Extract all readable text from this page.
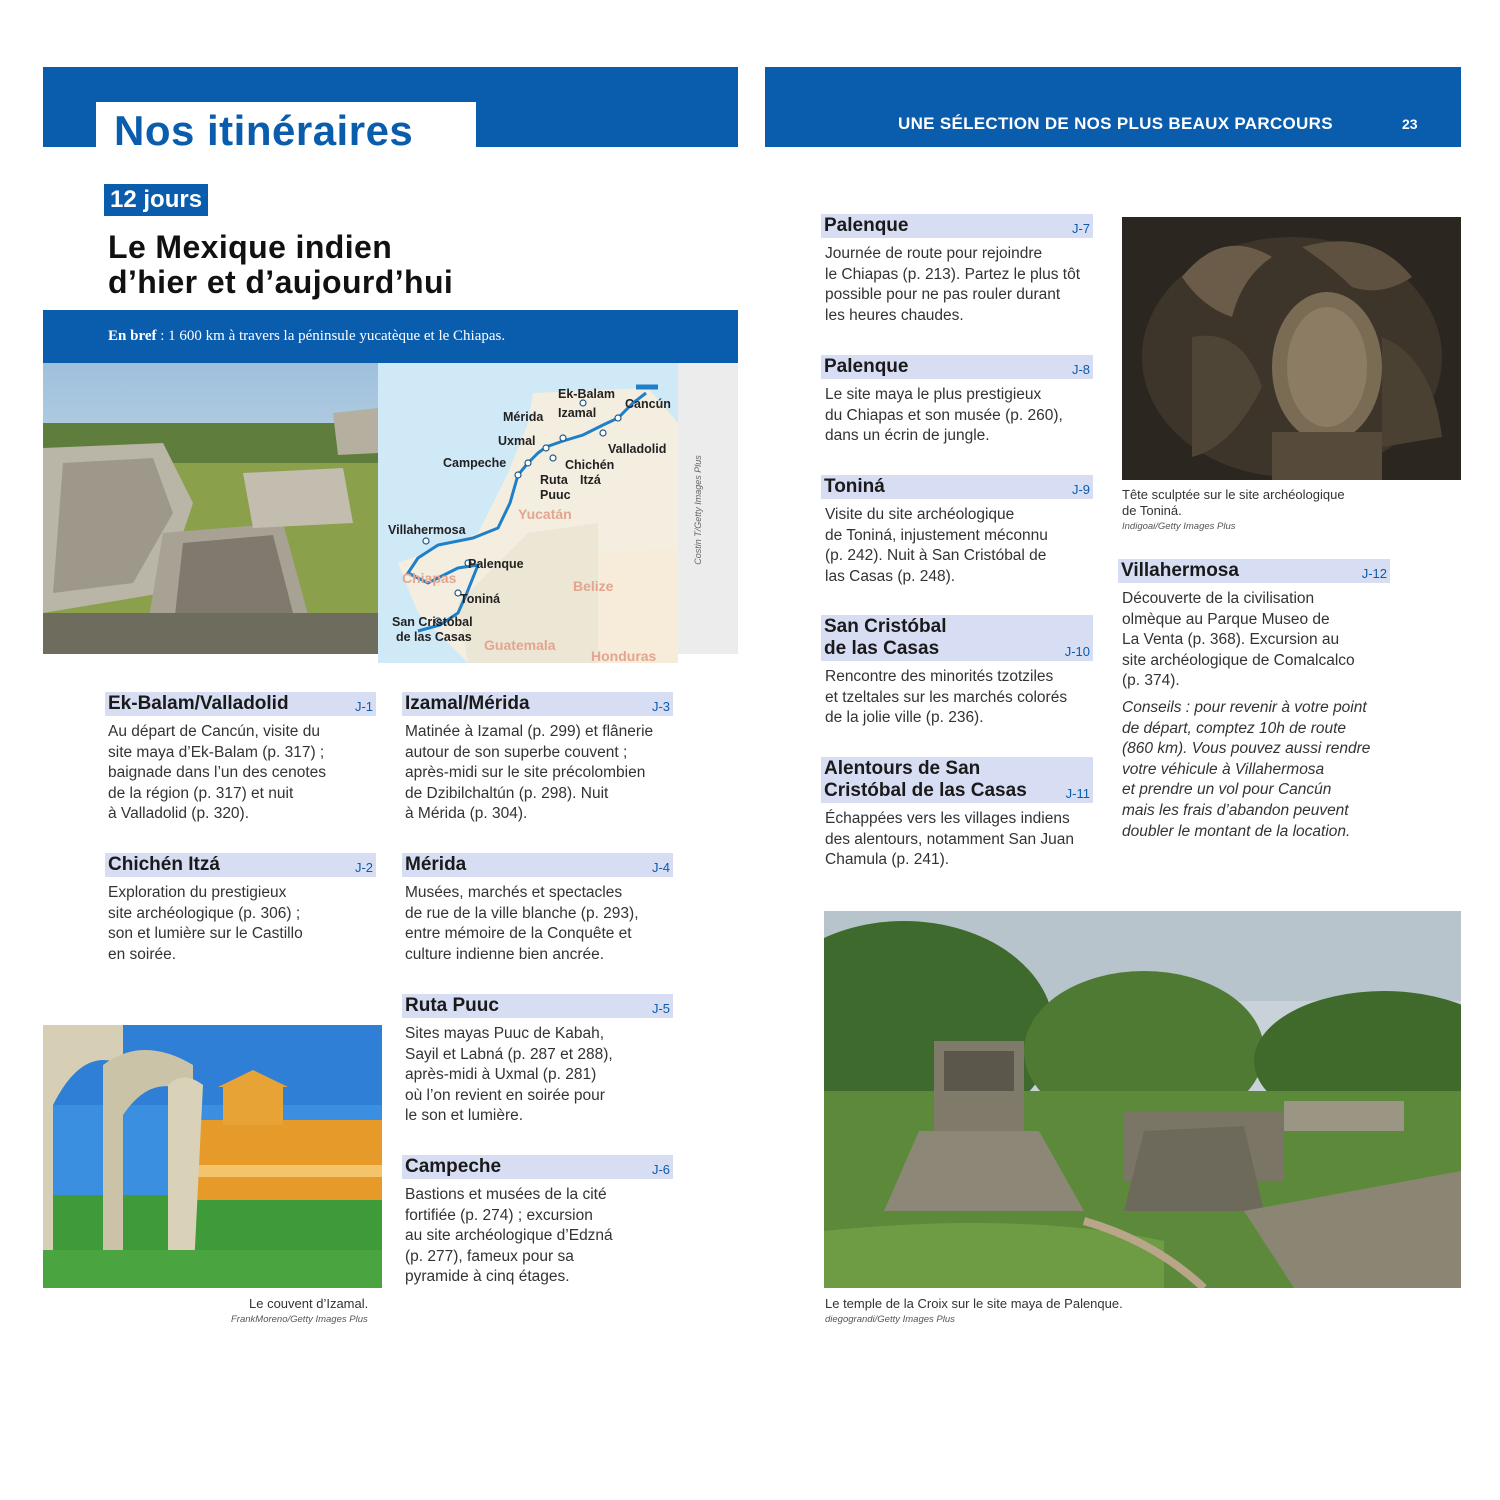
Nos itinéraires	UNE SÉLECTION DE NOS PLUS BEAUX PARCOURS	23
12 jours
Le Mexique indien
d’hier et d’aujourd’hui
En bref : 1 600 km à travers la péninsule yucatèque et le Chiapas.
Ek-Balam
Cancún
Mérida Izamal
Uxmal
Valladolid
Campeche	Chichén
Itzá
Ruta
Puuc
Villahermosa
Palenque
Toniná
San Cristóbal
de las Casas
Yucatán
Chiapas	Belize
Guatemala
Honduras
Costin T/Getty Images Plus	Tête sculptée sur le site archéologique
de Toniná.
Indigoai/Getty Images Plus
Le couvent d’Izamal.
FrankMoreno/Getty Images Plus
Le temple de la Croix sur le site maya de Palenque.
diegograndi/Getty Images Plus
Ek-Balam/Valladolid	J-1
Au départ de Cancún, visite du
site maya d’Ek-Balam (p. 317) ;
baignade dans l’un des cenotes
de la région (p. 317) et nuit
à Valladolid (p. 320).
Chichén Itzá	J-2
Exploration du prestigieux
site archéologique (p. 306) ;
son et lumière sur le Castillo
en soirée.
Izamal/Mérida	J-3
Matinée à Izamal (p. 299) et flânerie
autour de son superbe couvent ;
après-midi sur le site précolombien
de Dzibilchaltún (p. 298). Nuit
à Mérida (p. 304).
Mérida	J-4
Musées, marchés et spectacles
de rue de la ville blanche (p. 293),
entre mémoire de la Conquête et
culture indienne bien ancrée.
Ruta Puuc	J-5
Sites mayas Puuc de Kabah,
Sayil et Labná (p. 287 et 288),
après-midi à Uxmal (p. 281)
où l’on revient en soirée pour
le son et lumière.
Campeche	J-6
Bastions et musées de la cité
fortifiée (p. 274) ; excursion
au site archéologique d’Edzná
(p. 277), fameux pour sa
pyramide à cinq étages.
Palenque	J-7
Journée de route pour rejoindre
le Chiapas (p. 213). Partez le plus tôt
possible pour ne pas rouler durant
les heures chaudes.
Palenque	J-8
Le site maya le plus prestigieux
du Chiapas et son musée (p. 260),
dans un écrin de jungle.
Toniná	J-9
Visite du site archéologique
de Toniná, injustement méconnu
(p. 242). Nuit à San Cristóbal de
las Casas (p. 248).
San Cristóbal
de las Casas	J-10
Rencontre des minorités tzotziles
et tzeltales sur les marchés colorés
de la jolie ville (p. 236).
Alentours de San
Cristóbal de las Casas	J-11
Échappées vers les villages indiens
des alentours, notamment San Juan
Chamula (p. 241).
Villahermosa	J-12
Découverte de la civilisation
olmèque au Parque Museo de
La Venta (p. 368). Excursion au
site archéologique de Comalcalco
(p. 374).
Conseils : pour revenir à votre point
de départ, comptez 10h de route
(860 km). Vous pouvez aussi rendre
votre véhicule à Villahermosa
et prendre un vol pour Cancún
mais les frais d’abandon peuvent
doubler le montant de la location.
